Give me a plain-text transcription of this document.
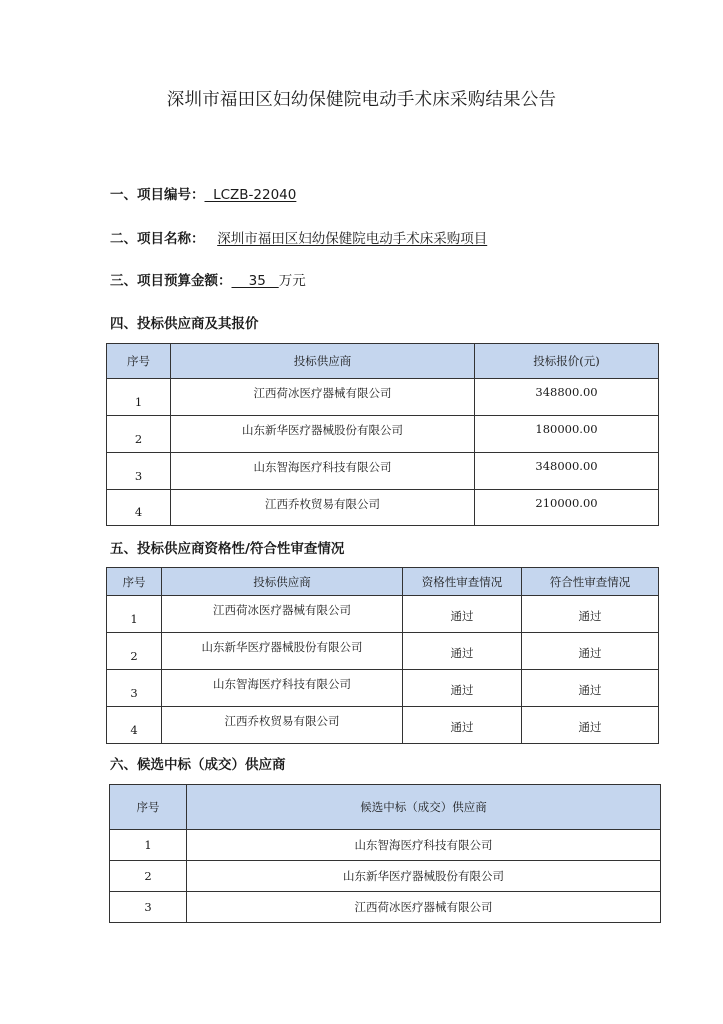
深圳市福田区妇幼保健院电动手术床采购结果公告
一、项目编号：  LCZB-22040
二、项目名称： 深圳市福田区妇幼保健院电动手术床采购项目
三、项目预算金额：    35   万元
四、投标供应商及其报价
序号	投标供应商	投标报价(元)
1	江西荷冰医疗器械有限公司	348800.00
2	山东新华医疗器械股份有限公司	180000.00
3	山东智海医疗科技有限公司	348000.00
4	江西乔枚贸易有限公司	210000.00
五、投标供应商资格性/符合性审查情况
序号	投标供应商	资格性审查情况	符合性审查情况
1	江西荷冰医疗器械有限公司	通过	通过
2	山东新华医疗器械股份有限公司	通过	通过
3	山东智海医疗科技有限公司	通过	通过
4	江西乔枚贸易有限公司	通过	通过
六、候选中标（成交）供应商
序号	候选中标（成交）供应商
1	山东智海医疗科技有限公司
2	山东新华医疗器械股份有限公司
3	江西荷冰医疗器械有限公司
